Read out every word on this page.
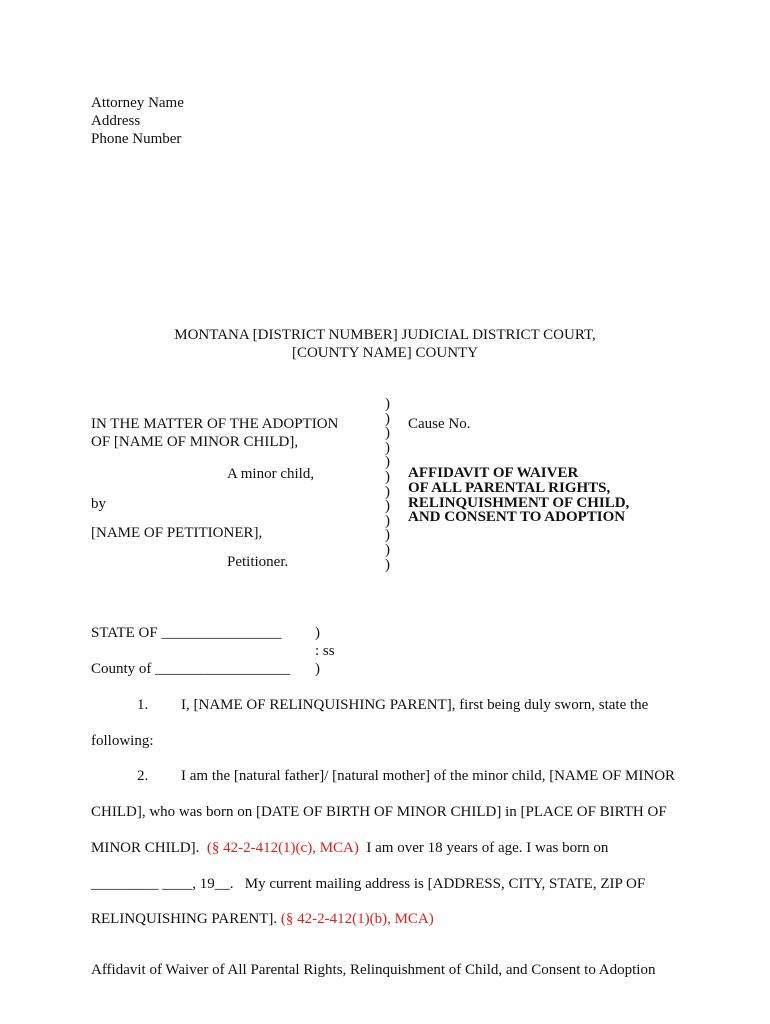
Attorney Name
Address
Phone Number
MONTANA [DISTRICT NUMBER] JUDICIAL DISTRICT COURT,
[COUNTY NAME] COUNTY
IN THE MATTER OF THE ADOPTION
OF [NAME OF MINOR CHILD],
A minor child,
by
[NAME OF PETITIONER],
Petitioner.
)
)
)
)
)
)
)
)
)
)
)
)
Cause No.
AFFIDAVIT OF WAIVER
OF ALL PARENTAL RIGHTS,
RELINQUISHMENT OF CHILD,
AND CONSENT TO ADOPTION
STATE OF ________________ )
: ss
County of __________________ )
1. I, [NAME OF RELINQUISHING PARENT], first being duly sworn, state the
following:
2. I am the [natural father]/ [natural mother] of the minor child, [NAME OF MINOR
CHILD], who was born on [DATE OF BIRTH OF MINOR CHILD] in [PLACE OF BIRTH OF
MINOR CHILD]. (§ 42-2-412(1)(c), MCA) I am over 18 years of age. I was born on
_________ ____, 19__.   My current mailing address is [ADDRESS, CITY, STATE, ZIP OF
RELINQUISHING PARENT]. (§ 42-2-412(1)(b), MCA)
Affidavit of Waiver of All Parental Rights, Relinquishment of Child, and Consent to Adoption
